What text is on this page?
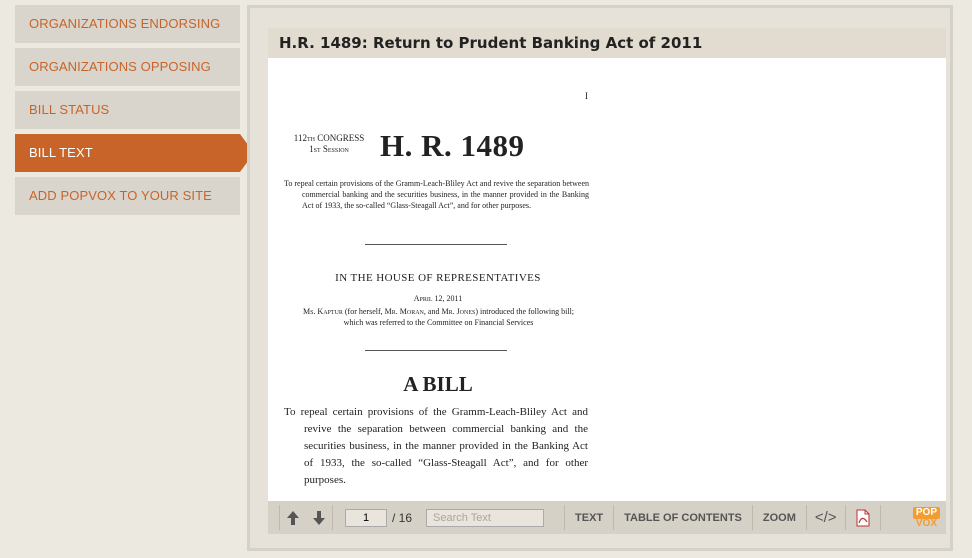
ORGANIZATIONS ENDORSING
ORGANIZATIONS OPPOSING
BILL STATUS
BILL TEXT
ADD POPVOX TO YOUR SITE
H.R. 1489: Return to Prudent Banking Act of 2011
I
112th CONGRESS
1st Session	H. R. 1489
To repeal certain provisions of the Gramm-Leach-Bliley Act and revive the separation between commercial banking and the securities business, in the manner provided in the Banking Act of 1933, the so-called “Glass-Steagall Act”, and for other purposes.
IN THE HOUSE OF REPRESENTATIVES
April 12, 2011
Ms. Kaptur (for herself, Mr. Moran, and Mr. Jones) introduced the following bill; which was referred to the Committee on Financial Services
A BILL
To repeal certain provisions of the Gramm-Leach-Bliley Act and revive the separation between commercial banking and the securities business, in the manner provided in the Banking Act of 1933, the so-called “Glass-Steagall Act”, and for other purposes.
1
/ 16
Search Text	TEXT	TABLE OF CONTENTS	ZOOM	</>	POP
VOX
